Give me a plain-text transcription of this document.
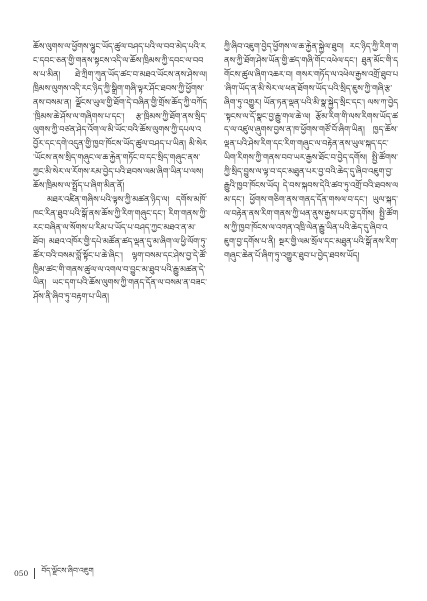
ཆོས་ལུགས་ལ་ཕྱོགས་ལྷུང་ཡོད་ཚུལ་བཤད་པའི་ལ་བབ་མེད་པའི་རང་དབང་ཅན་གྱི་གནས་སྟངས་འདི་ལ་ཆོས་ཁྲིམས་ཀྱི་དབང་ལ་བབས་པ་མིན། ཐེ་ཀྲིག་ཀུན་ཡོད་ཚང་བ་མཐའ་ཡོངས་ནས་ཤེས་ལ། ཁྲིམས་ལུགས་འདི་རང་ཉིད་ཀྱི་སྒྲིག་གཞི་ལྟར་ཤོང་ཐབས་ཀྱི་ཕྱོགས་ནས་བསམ་ན། ལྗོངས་ཡུལ་གྱི་ཐོག་དེ་བཞིན་གྱི་གྲོས་ཆོད་ཀྱི་བཀོད་ཁྲིམས་ཆེ་ཤོས་ལ་གཞིགས་པ་དང་། རྩ་ཁྲིམས་ཀྱི་ཐོག་ནས་སྲིད་ལུགས་ཀྱི་བཙན་ཤེད་འོག་ལ་མི་ཡོང་བའི་ཆོས་ལུགས་ཀྱི་དཔལ་འབྱོར་དང་དགེ་འདུན་གྱི་ཁྱབ་ཁོངས་ཡོད་ཚུལ་བཤད་པ་ཡིན། མི་སེར་ཡོངས་ནས་སྲིད་གཞུང་ལ་ཆ་རྐྱེན་གཏོང་བ་དང་སྲིད་གཞུང་ནས་ཀྱང་མི་སེར་ལ་རོགས་རམ་བྱེད་པའི་ཐབས་ལམ་ཞིག་ཡིན་པ་ལས། ཆོས་ཁྲིམས་ལ་སྤྲོད་པ་ཞིག་མིན་ནོ།

མཐར་འཛིན་གཞིས་པའི་ལྟས་ཀྱི་མཚན་ཉིད་ལ། དགོས་མཁོ་ཁང་རིན་ཐུབ་པའི་སྒོ་ནས་ཆོས་ཀྱི་རིག་གཞུང་དང་། རིག་གནས་ཀྱི་རང་བཞིན་ལ་སོགས་པ་རིམ་པ་ཡོད་པ་བཤད་ཀྱང་མཐའ་ན་མ་ཐོབ། མཐའ་འཁོར་གྱི་དཔེ་མཚོན་ཚད་ལྡན་དུ་མ་ཞིག་ལ་ཕྱི་ལོག་ཏུ་ཚོར་བའི་བསམ་བློ་སྟོང་པ་ཆེ་ཞིང་། ལྷག་བསམ་དང་ཤེས་བྱ་དེ་ཚོ་ཁྱིམ་ཚང་གི་གནས་ཚུལ་ལ་འགལ་བ་བྱུང་མ་ཐུབ་པའི་རྒྱུ་མཚན་དེ་ཡིན། ཡང་དག་པའི་ཆོས་ལུགས་ཀྱི་གནད་དོན་ལ་བསམ་ན་བཟང་ཤོས་ནི་ཞིབ་ཏུ་བརྟག་པ་ཡིན།

ཀྱི་ཞིབ་འཇུག་བྱེད་ཕྱོགས་ལ་ཆ་རྐྱེན་སྐྱེལ་ཐུབ། རང་ཉིད་ཀྱི་རིག་གནས་ཀྱི་ཐོག་ཤེས་ཡོན་གྱི་ཚད་གཞི་གོང་འཕེལ་དང་། ཐུན་མོང་གི་དགོངས་ཚུལ་ཞིག་འཆར་བ། གསར་གཏོད་ལ་འཕེལ་རྒྱས་འགྲོ་ཐུབ་པ་ཞིག་ཡོད་ན་མི་སེར་ལ་ཕན་ཐོགས་ཡོད་པའི་སྲིད་ཇུས་ཀྱི་གཞི་རྩ་ཞིག་ཏུ་འགྱུར། ཡོན་ཏན་ལྡན་པའི་མི་སྣ་སྐྱེད་སྲིང་དང་། ལས་ཀ་བྱེད་སྟངས་ལ་དོ་སྣང་བྱ་རྒྱུ་གལ་ཆེ་ལ། རྩོམ་རིག་གི་ལས་རིགས་ཡོད་ཚད་ལ་འཛུལ་ཞུགས་བྱས་ན་ཁ་ཕྱོགས་གཙོ་བོ་ཞིག་ཡིན། ཁྱད་ཆོས་ལྡན་པའི་ཤེས་རིག་དང་རིག་གཞུང་ལ་བརྟེན་ནས་ཡུལ་སྐད་དང་ཡིག་རིགས་ཀྱི་གནས་བབ་ཡར་རྒྱས་ཐོང་བ་བྱེད་དགོས། སྤྱི་ཚོགས་ཀྱི་སྲིད་བྱུས་ལ་ལྟ་བ་དང་མཐུན་པར་བྱ་བའི་ཆེད་དུ་ཞིབ་འཇུག་བྱ་རྒྱུའི་ཁྱབ་ཁོངས་ཡོད། དེ་བས་སྐབས་དེའི་ཚབ་ཏུ་འགྲོ་བའི་ཐབས་ལམ་དང་། ཕྱོགས་གཅིག་ནས་གནད་དོན་གསལ་བ་དང་། ཡུལ་སྐད་ལ་བརྟེན་ནས་རིག་གནས་ཀྱི་ཕན་ནུས་རྒྱས་པར་བྱ་དགོས། སྤྱི་ཚོགས་ཀྱི་ཁྱབ་ཁོངས་ལ་འགན་འཁྲི་ལེན་རྒྱུ་ཡིན་པའི་ཆེད་དུ་ཞིབ་འཇུག་བྱ་དགོས་པ་ནི། སྔར་གྱི་ལམ་སྲོལ་དང་མཐུན་པའི་སྒོ་ནས་རིག་གཞུང་ཆེན་པོ་ཞིག་ཏུ་འགྱུར་ཐུབ་པ་བྱེད་ཐབས་ཡོད།

050 བོད་ལྗོངས་ཞིབ་འཇུག
